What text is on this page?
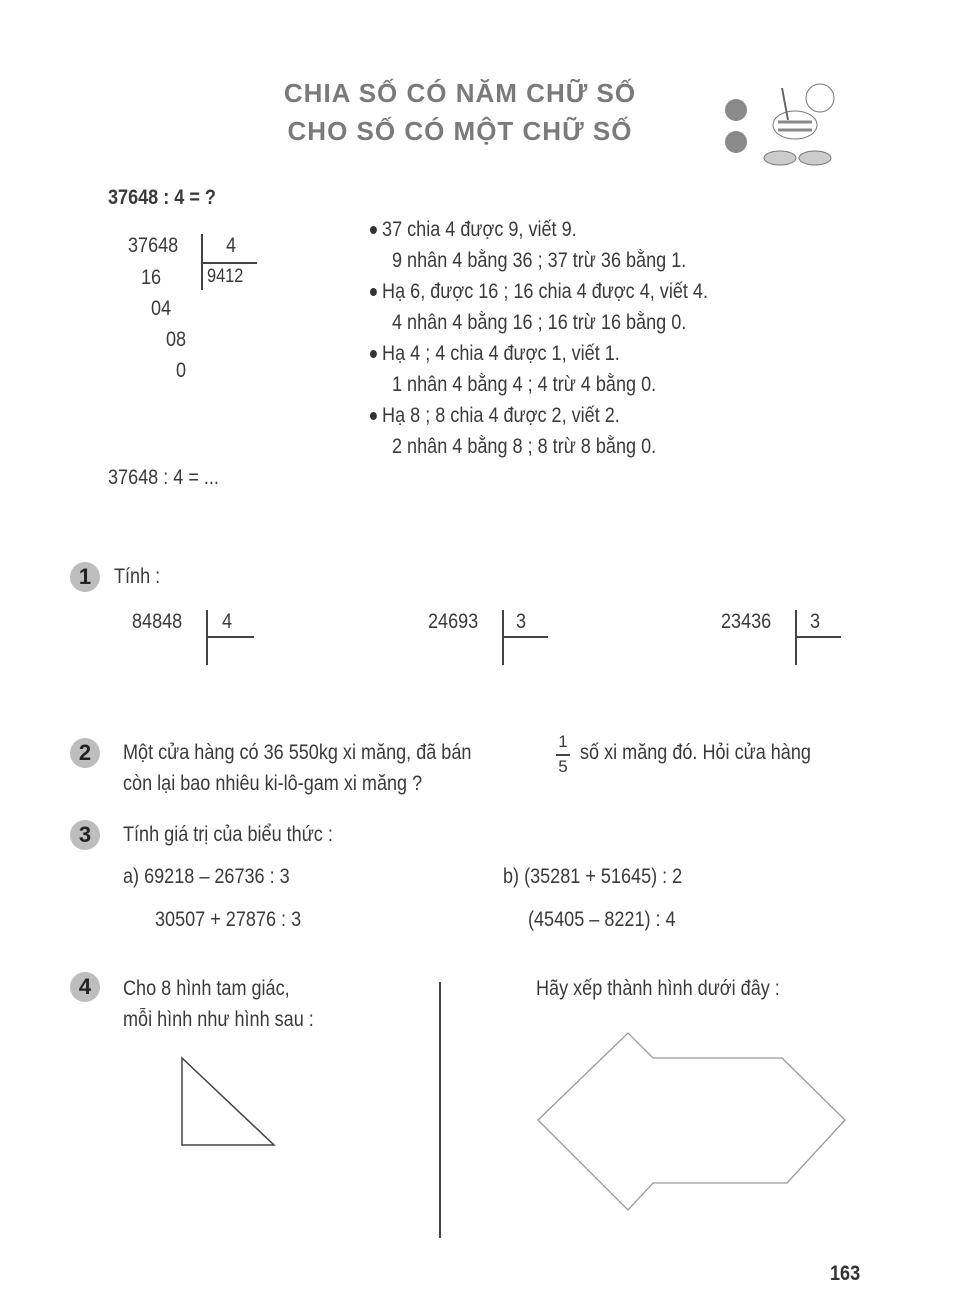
CHIA SỐ CÓ NĂM CHỮ SỐ
CHO SỐ CÓ MỘT CHỮ SỐ
37648 : 4 = ?
37648 4
9412
16
04
08
0
37 chia 4 được 9, viết 9.
9 nhân 4 bằng 36 ; 37 trừ 36 bằng 1.
Hạ 6, được 16 ; 16 chia 4 được 4, viết 4.
4 nhân 4 bằng 16 ; 16 trừ 16 bằng 0.
Hạ 4 ; 4 chia 4 được 1, viết 1.
1 nhân 4 bằng 4 ; 4 trừ 4 bằng 0.
Hạ 8 ; 8 chia 4 được 2, viết 2.
2 nhân 4 bằng 8 ; 8 trừ 8 bằng 0.
37648 : 4 = ...
1	Tính :
84848 4	24693 3	23436 3
2	Một cửa hàng có 36 550kg xi măng, đã bán	1
5
số xi măng đó. Hỏi cửa hàng
còn lại bao nhiêu ki-lô-gam xi măng ?
3	Tính giá trị của biểu thức :
a) 69218 – 26736 : 3
30507 + 27876 : 3
b) (35281 + 51645) : 2
(45405 – 8221) : 4
4	Cho 8 hình tam giác,
mỗi hình như hình sau :
Hãy xếp thành hình dưới đây :
163
